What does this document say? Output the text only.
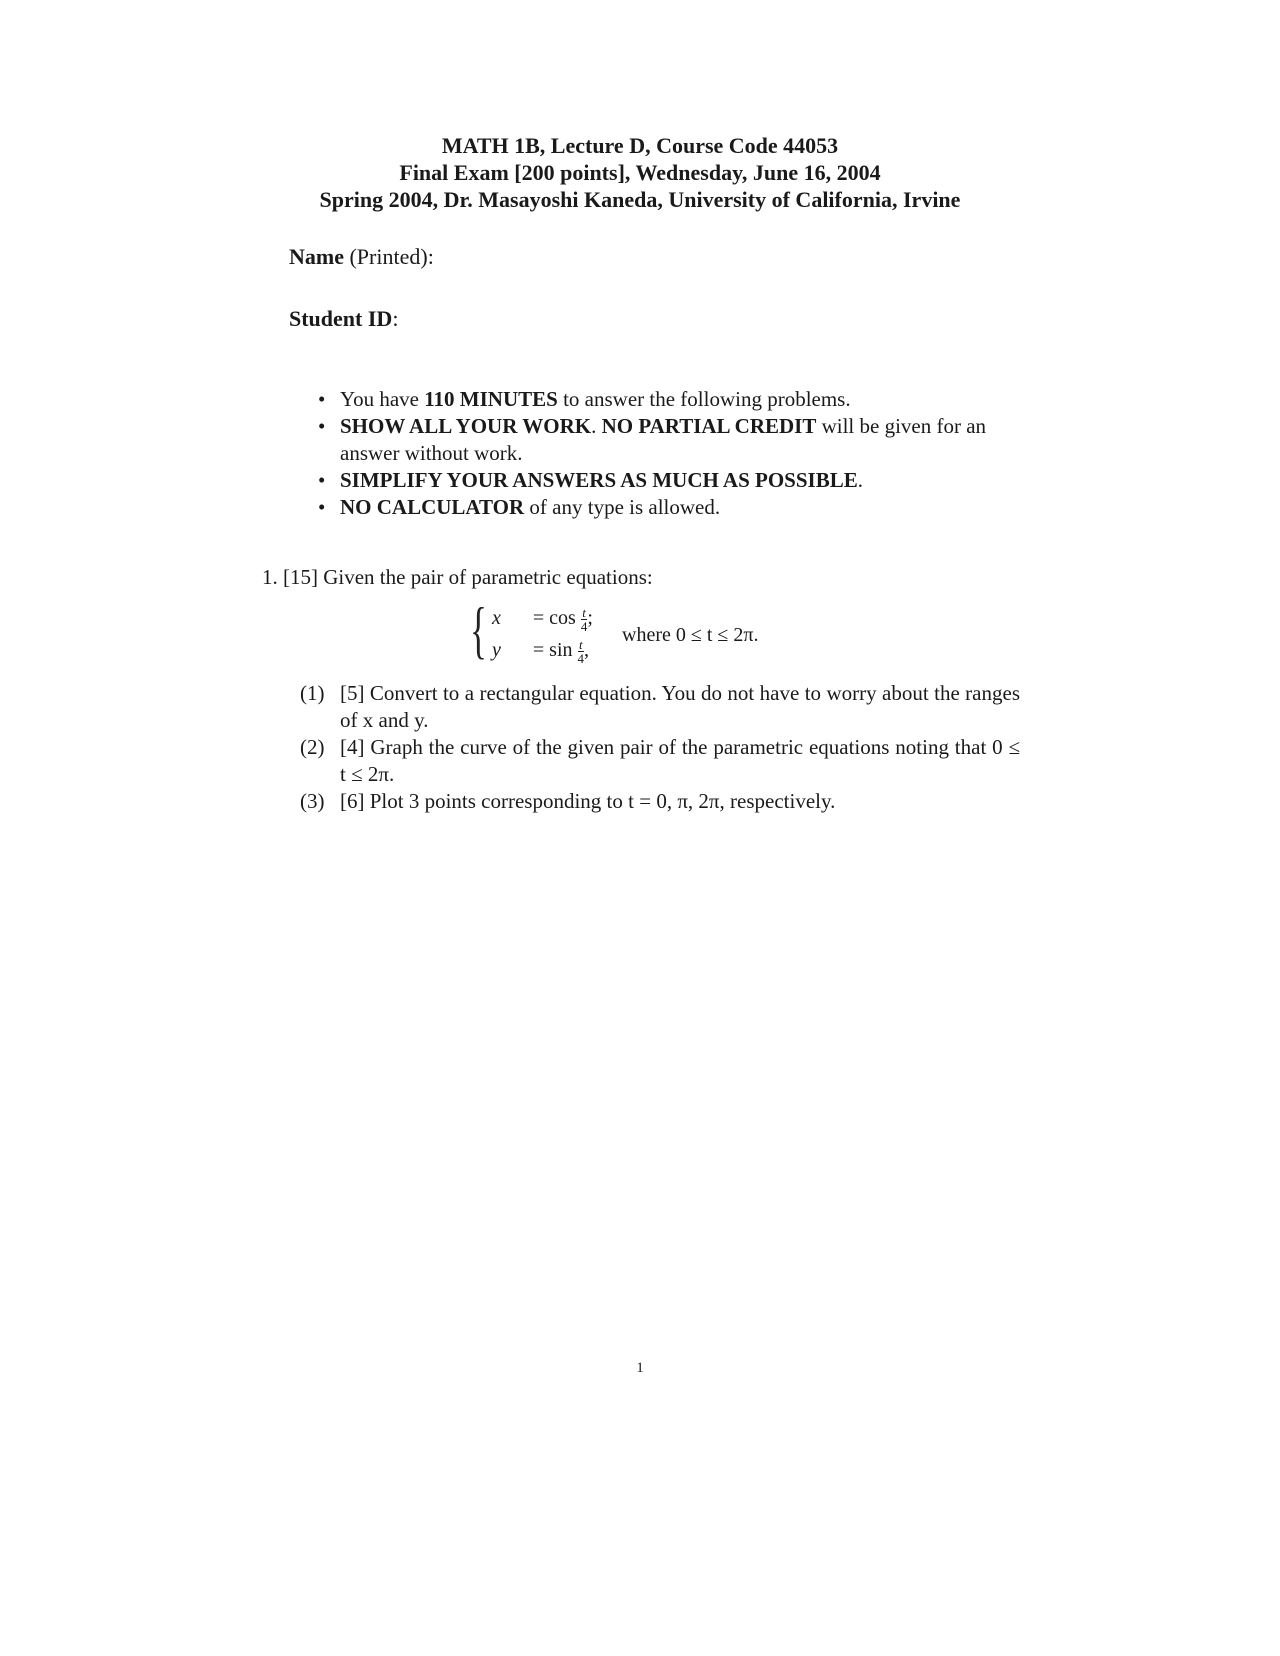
MATH 1B, Lecture D, Course Code 44053
Final Exam [200 points], Wednesday, June 16, 2004
Spring 2004, Dr. Masayoshi Kaneda, University of California, Irvine
Name (Printed):
Student ID:
• You have 110 MINUTES to answer the following problems.
• SHOW ALL YOUR WORK. NO PARTIAL CREDIT will be given for an answer without work.
• SIMPLIFY YOUR ANSWERS AS MUCH AS POSSIBLE.
• NO CALCULATOR of any type is allowed.
1. [15] Given the pair of parametric equations:
{ $x = \cos \frac{t}{4}$ ;
$y = \sin \frac{t}{4}$ ,
where 0 ≤ t ≤ 2π.
(1) [5] Convert to a rectangular equation. You do not have to worry about the ranges of x and y.
(2) [4] Graph the curve of the given pair of the parametric equations noting that 0 ≤ t ≤ 2π.
(3) [6] Plot 3 points corresponding to t = 0, π, 2π, respectively.
1
